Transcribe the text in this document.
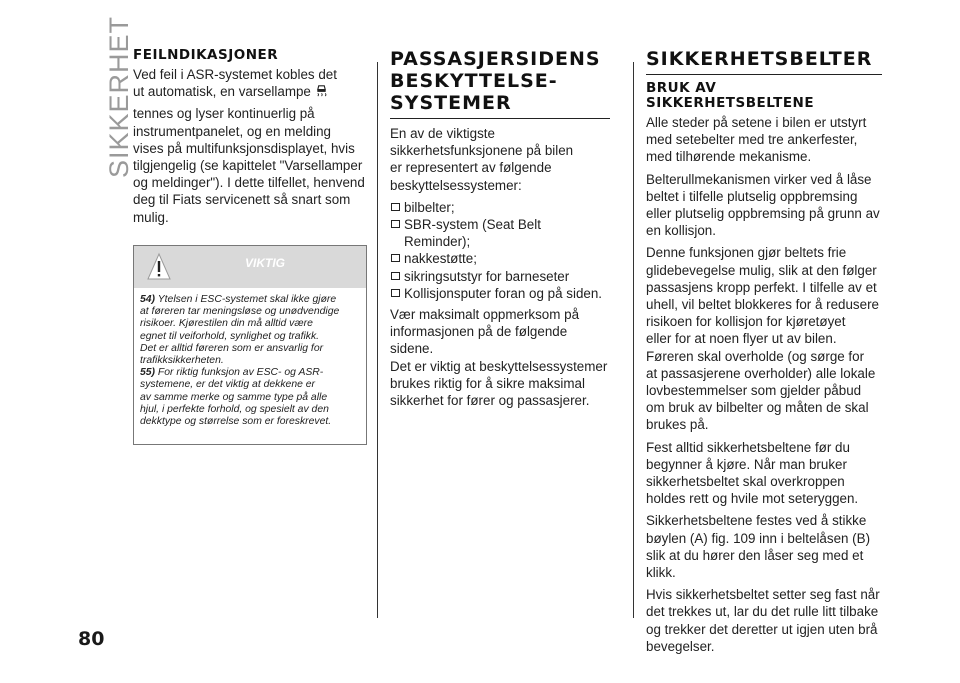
SIKKERHET FEILNDIKASJONER

Ved feil i ASR-systemet kobles det
ut automatisk, en varsellampe

tennes og lyser kontinuerlig på
instrumentpanelet, og en melding
vises på multifunksjonsdisplayet, hvis
tilgjengelig (se kapittelet "Varsellamper
og meldinger"). I dette tilfellet, henvend
deg til Fiats servicenett så snart som
mulig.

VIKTIG

54) Ytelsen i ESC-systemet skal ikke gjøre
at føreren tar meningsløse og unødvendige
risikoer. Kjørestilen din må alltid være
egnet til veiforhold, synlighet og trafikk.
Det er alltid føreren som er ansvarlig for
trafikksikkerheten.

55) For riktig funksjon av ESC- og ASR-
systemene, er det viktig at dekkene er
av samme merke og samme type på alle
hjul, i perfekte forhold, og spesielt av den
dekktype og størrelse som er foreskrevet.

PASSASJERSIDENS
BESKYTTELSE-
SYSTEMER

En av de viktigste
sikkerhetsfunksjonene på bilen
er representert av følgende
beskyttelsessystemer:

bilbelter;
SBR-system (Seat Belt Reminder);
nakkestøtte;
sikringsutstyr for barneseter
Kollisjonsputer foran og på siden.

Vær maksimalt oppmerksom på
informasjonen på de følgende sidene.
Det er viktig at beskyttelsessystemer
brukes riktig for å sikre maksimal
sikkerhet for fører og passasjerer.

SIKKERHETSBELTER
BRUK AV
SIKKERHETSBELTENE

Alle steder på setene i bilen er utstyrt
med setebelter med tre ankerfester,
med tilhørende mekanisme.

Belterullmekanismen virker ved å låse
beltet i tilfelle plutselig oppbremsing
eller plutselig oppbremsing på grunn av
en kollisjon.

Denne funksjonen gjør beltets frie
glidebevegelse mulig, slik at den følger
passasjens kropp perfekt. I tilfelle av et
uhell, vil beltet blokkeres for å redusere
risikoen for kollisjon for kjøretøyet
eller for at noen flyer ut av bilen.
Føreren skal overholde (og sørge for
at passasjerene overholder) alle lokale
lovbestemmelser som gjelder påbud
om bruk av bilbelter og måten de skal
brukes på.

Fest alltid sikkerhetsbeltene før du
begynner å kjøre. Når man bruker
sikkerhetsbeltet skal overkroppen
holdes rett og hvile mot seteryggen.

Sikkerhetsbeltene festes ved å stikke
bøylen (A) fig. 109 inn i beltelåsen (B)
slik at du hører den låser seg med et
klikk.

Hvis sikkerhetsbeltet setter seg fast når
det trekkes ut, lar du det rulle litt tilbake
og trekker det deretter ut igjen uten brå
bevegelser.

80
